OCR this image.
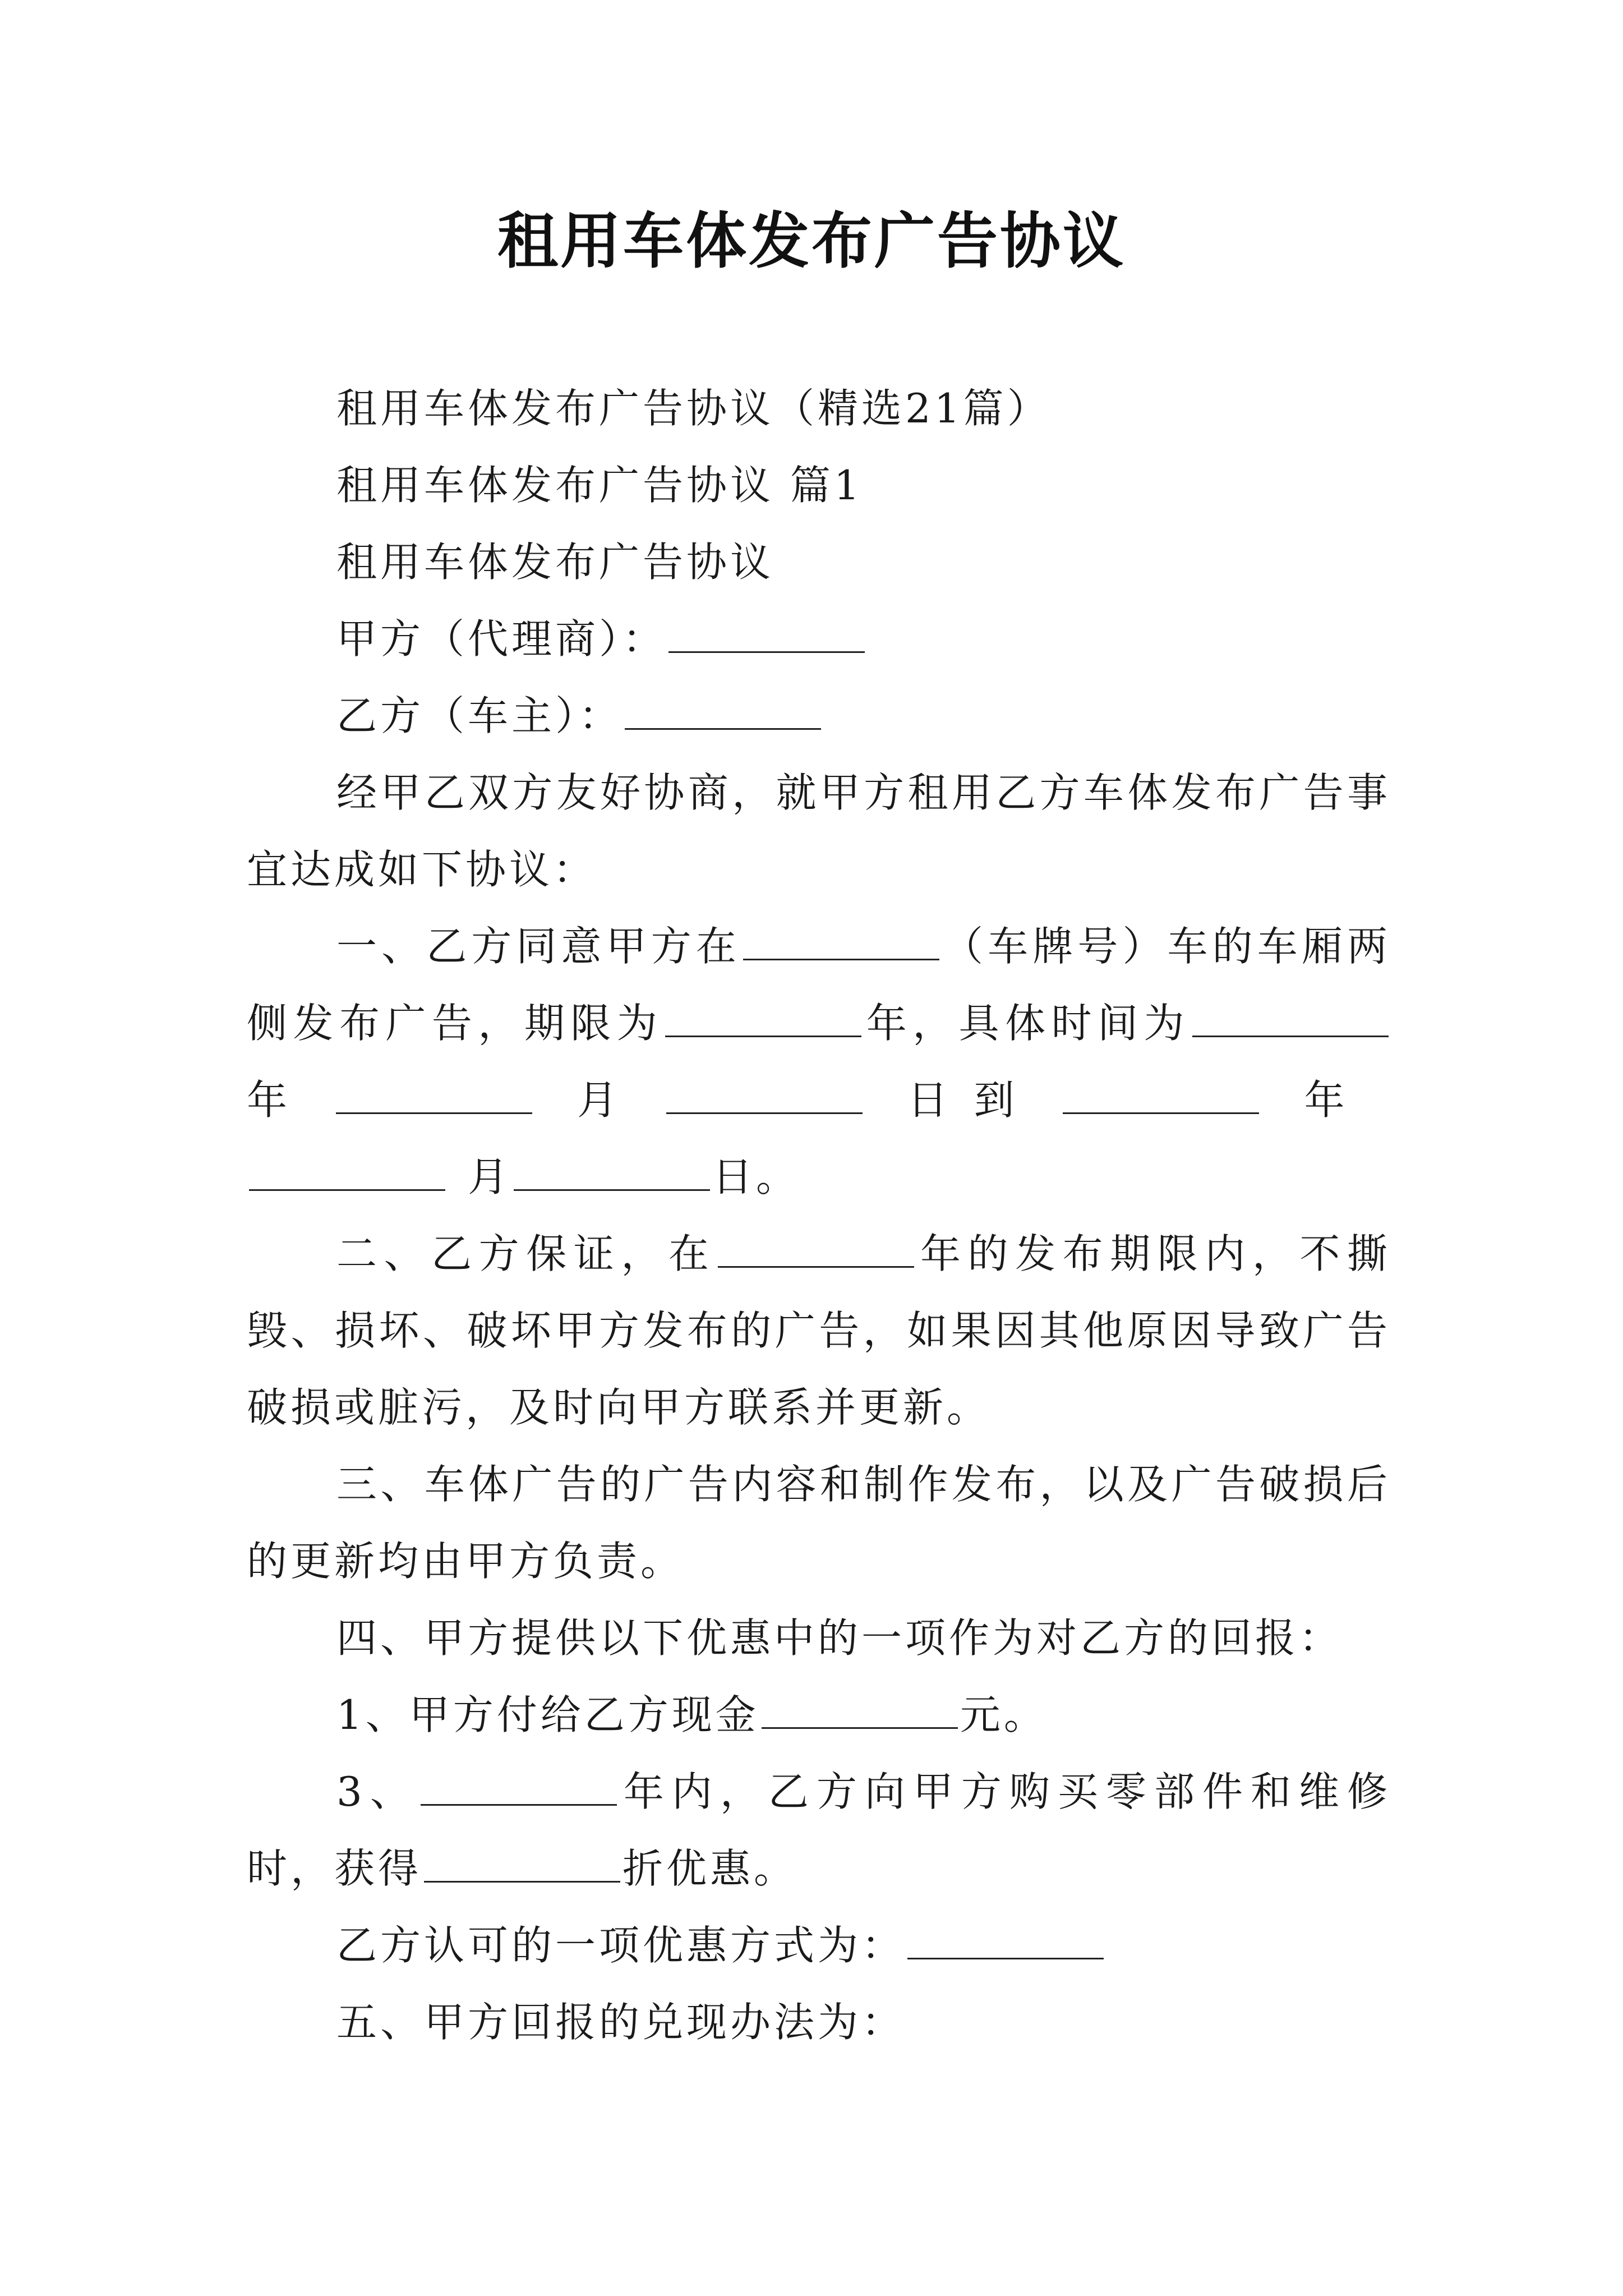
租用车体发布广告协议

租用车体发布广告协议（精选21篇）

租用车体发布广告协议 篇1

租用车体发布广告协议

甲方（代理商）：

乙方（车主）：

经甲乙双方友好协商，就甲方租用乙方车体发布广告事宜达成如下协议：

一、乙方同意甲方在	（车牌号）车的车厢两侧发布广告，期限为	年，具体时间为年	月	日到	年月	日。

二、乙方保证，在	年的发布期限内，不撕毁、损坏、破坏甲方发布的广告，如果因其他原因导致广告破损或脏污，及时向甲方联系并更新。

三、车体广告的广告内容和制作发布，以及广告破损后的更新均由甲方负责。

四、甲方提供以下优惠中的一项作为对乙方的回报：

1、甲方付给乙方现金	元。

3、	年内，乙方向甲方购买零部件和维修时，获得	折优惠。

乙方认可的一项优惠方式为：

五、甲方回报的兑现办法为：
